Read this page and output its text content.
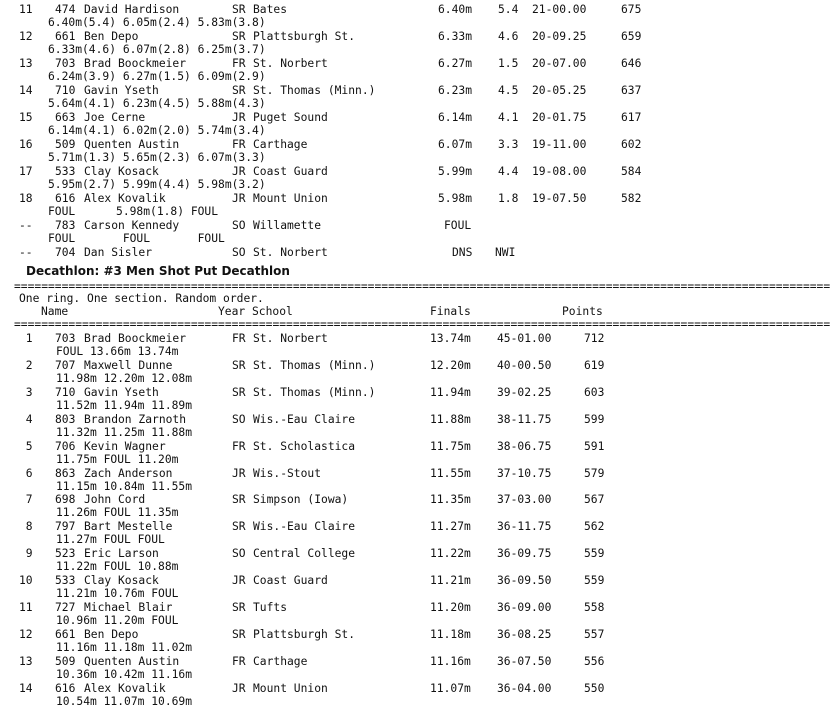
11 474 David Hardison	SR Bates	6.40m 5.4 21-00.00	675
6.40m(5.4) 6.05m(2.4) 5.83m(3.8)
12 661 Ben Depo	SR Plattsburgh St.	6.33m 4.6 20-09.25	659
6.33m(4.6) 6.07m(2.8) 6.25m(3.7)
13 703 Brad Boockmeier	FR St. Norbert	6.27m 1.5 20-07.00	646
6.24m(3.9) 6.27m(1.5) 6.09m(2.9)
14 710 Gavin Yseth	SR St. Thomas (Minn.)	6.23m 4.5 20-05.25	637
5.64m(4.1) 6.23m(4.5) 5.88m(4.3)
15 663 Joe Cerne	JR Puget Sound	6.14m 4.1 20-01.75	617
6.14m(4.1) 6.02m(2.0) 5.74m(3.4)
16 509 Quenten Austin	FR Carthage	6.07m 3.3 19-11.00	602
5.71m(1.3) 5.65m(2.3) 6.07m(3.3)
17 533 Clay Kosack	JR Coast Guard	5.99m 4.4 19-08.00	584
5.95m(2.7) 5.99m(4.4) 5.98m(3.2)
18 616 Alex Kovalik	JR Mount Union	5.98m 1.8 19-07.50	582
FOUL      5.98m(1.8) FOUL
-- 783 Carson Kennedy	SO Willamette	FOUL
FOUL       FOUL       FOUL
-- 704 Dan Sisler	SO St. Norbert	DNS NWI
Decathlon: #3 Men Shot Put Decathlon
========================================================================================================================
One ring. One section. Random order.
Name	Year School	Finals	Points
========================================================================================================================
1 703 Brad Boockmeier	FR St. Norbert	13.74m 45-01.00	712
FOUL 13.66m 13.74m
2 707 Maxwell Dunne	SR St. Thomas (Minn.)	12.20m 40-00.50	619
11.98m 12.20m 12.08m
3 710 Gavin Yseth	SR St. Thomas (Minn.)	11.94m 39-02.25	603
11.52m 11.94m 11.89m
4 803 Brandon Zarnoth	SO Wis.-Eau Claire	11.88m 38-11.75	599
11.32m 11.25m 11.88m
5 706 Kevin Wagner	FR St. Scholastica	11.75m 38-06.75	591
11.75m FOUL 11.20m
6 863 Zach Anderson	JR Wis.-Stout	11.55m 37-10.75	579
11.15m 10.84m 11.55m
7 698 John Cord	SR Simpson (Iowa)	11.35m 37-03.00	567
11.26m FOUL 11.35m
8 797 Bart Mestelle	SR Wis.-Eau Claire	11.27m 36-11.75	562
11.27m FOUL FOUL
9 523 Eric Larson	SO Central College	11.22m 36-09.75	559
11.22m FOUL 10.88m
10 533 Clay Kosack	JR Coast Guard	11.21m 36-09.50	559
11.21m 10.76m FOUL
11 727 Michael Blair	SR Tufts	11.20m 36-09.00	558
10.96m 11.20m FOUL
12 661 Ben Depo	SR Plattsburgh St.	11.18m 36-08.25	557
11.16m 11.18m 11.02m
13 509 Quenten Austin	FR Carthage	11.16m 36-07.50	556
10.36m 10.42m 11.16m
14 616 Alex Kovalik	JR Mount Union	11.07m 36-04.00	550
10.54m 11.07m 10.69m
